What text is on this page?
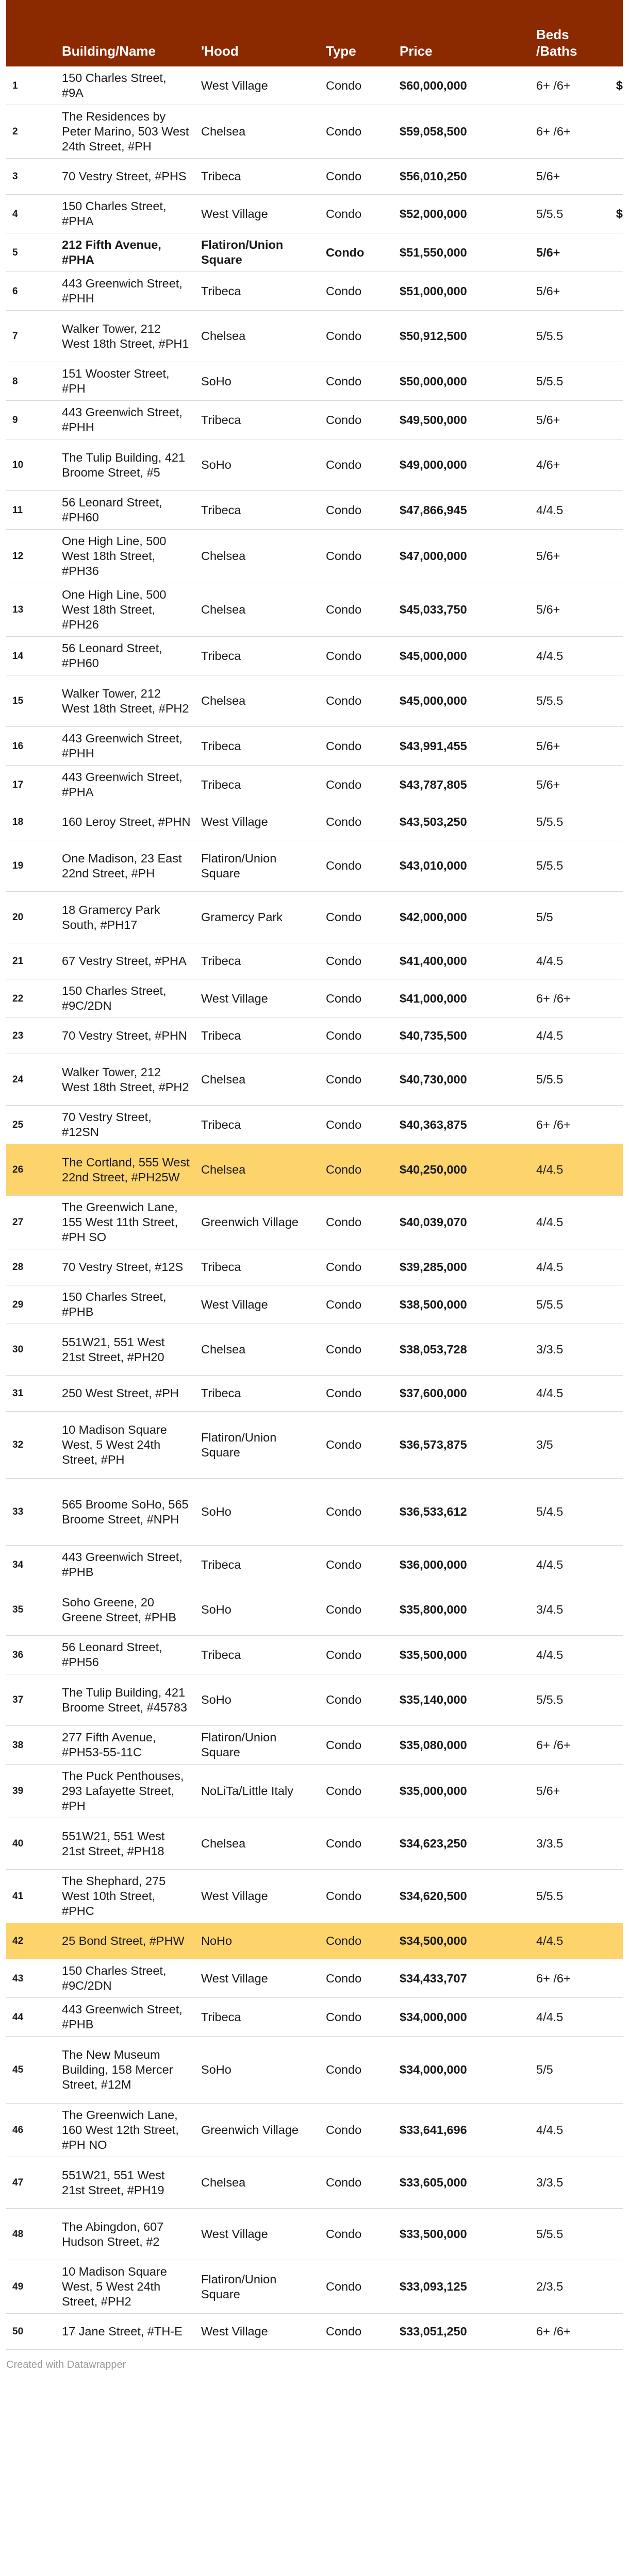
	Building/Name	'Hood	Type	Price	Beds /Baths	
1	150 Charles Street, #9A	West Village	Condo	$60,000,000	6+ /6+	$
2	The Residences by Peter Marino, 503 West 24th Street, #PH	Chelsea	Condo	$59,058,500	6+ /6+	
3	70 Vestry Street, #PHS	Tribeca	Condo	$56,010,250	5/6+	
4	150 Charles Street, #PHA	West Village	Condo	$52,000,000	5/5.5	$
5	212 Fifth Avenue, #PHA	Flatiron/Union Square	Condo	$51,550,000	5/6+	
6	443 Greenwich Street, #PHH	Tribeca	Condo	$51,000,000	5/6+	
7	Walker Tower, 212 West 18th Street, #PH1	Chelsea	Condo	$50,912,500	5/5.5	
8	151 Wooster Street, #PH	SoHo	Condo	$50,000,000	5/5.5	
9	443 Greenwich Street, #PHH	Tribeca	Condo	$49,500,000	5/6+	
10	The Tulip Building, 421 Broome Street, #5	SoHo	Condo	$49,000,000	4/6+	
11	56 Leonard Street, #PH60	Tribeca	Condo	$47,866,945	4/4.5	
12	One High Line, 500 West 18th Street, #PH36	Chelsea	Condo	$47,000,000	5/6+	
13	One High Line, 500 West 18th Street, #PH26	Chelsea	Condo	$45,033,750	5/6+	
14	56 Leonard Street, #PH60	Tribeca	Condo	$45,000,000	4/4.5	
15	Walker Tower, 212 West 18th Street, #PH2	Chelsea	Condo	$45,000,000	5/5.5	
16	443 Greenwich Street, #PHH	Tribeca	Condo	$43,991,455	5/6+	
17	443 Greenwich Street, #PHA	Tribeca	Condo	$43,787,805	5/6+	
18	160 Leroy Street, #PHN	West Village	Condo	$43,503,250	5/5.5	
19	One Madison, 23 East 22nd Street, #PH	Flatiron/Union Square	Condo	$43,010,000	5/5.5	
20	18 Gramercy Park South, #PH17	Gramercy Park	Condo	$42,000,000	5/5	
21	67 Vestry Street, #PHA	Tribeca	Condo	$41,400,000	4/4.5	
22	150 Charles Street, #9C/2DN	West Village	Condo	$41,000,000	6+ /6+	
23	70 Vestry Street, #PHN	Tribeca	Condo	$40,735,500	4/4.5	
24	Walker Tower, 212 West 18th Street, #PH2	Chelsea	Condo	$40,730,000	5/5.5	
25	70 Vestry Street, #12SN	Tribeca	Condo	$40,363,875	6+ /6+	
26	The Cortland, 555 West 22nd Street, #PH25W	Chelsea	Condo	$40,250,000	4/4.5	
27	The Greenwich Lane, 155 West 11th Street, #PH SO	Greenwich Village	Condo	$40,039,070	4/4.5	
28	70 Vestry Street, #12S	Tribeca	Condo	$39,285,000	4/4.5	
29	150 Charles Street, #PHB	West Village	Condo	$38,500,000	5/5.5	
30	551W21, 551 West 21st Street, #PH20	Chelsea	Condo	$38,053,728	3/3.5	
31	250 West Street, #PH	Tribeca	Condo	$37,600,000	4/4.5	
32	10 Madison Square West, 5 West 24th Street, #PH	Flatiron/Union Square	Condo	$36,573,875	3/5	
33	565 Broome SoHo, 565 Broome Street, #NPH	SoHo	Condo	$36,533,612	5/4.5	
34	443 Greenwich Street, #PHB	Tribeca	Condo	$36,000,000	4/4.5	
35	Soho Greene, 20 Greene Street, #PHB	SoHo	Condo	$35,800,000	3/4.5	
36	56 Leonard Street, #PH56	Tribeca	Condo	$35,500,000	4/4.5	
37	The Tulip Building, 421 Broome Street, #45783	SoHo	Condo	$35,140,000	5/5.5	
38	277 Fifth Avenue, #PH53-55-11C	Flatiron/Union Square	Condo	$35,080,000	6+ /6+	
39	The Puck Penthouses, 293 Lafayette Street, #PH	NoLiTa/Little Italy	Condo	$35,000,000	5/6+	
40	551W21, 551 West 21st Street, #PH18	Chelsea	Condo	$34,623,250	3/3.5	
41	The Shephard, 275 West 10th Street, #PHC	West Village	Condo	$34,620,500	5/5.5	
42	25 Bond Street, #PHW	NoHo	Condo	$34,500,000	4/4.5	
43	150 Charles Street, #9C/2DN	West Village	Condo	$34,433,707	6+ /6+	
44	443 Greenwich Street, #PHB	Tribeca	Condo	$34,000,000	4/4.5	
45	The New Museum Building, 158 Mercer Street, #12M	SoHo	Condo	$34,000,000	5/5	
46	The Greenwich Lane, 160 West 12th Street, #PH NO	Greenwich Village	Condo	$33,641,696	4/4.5	
47	551W21, 551 West 21st Street, #PH19	Chelsea	Condo	$33,605,000	3/3.5	
48	The Abingdon, 607 Hudson Street, #2	West Village	Condo	$33,500,000	5/5.5	
49	10 Madison Square West, 5 West 24th Street, #PH2	Flatiron/Union Square	Condo	$33,093,125	2/3.5	
50	17 Jane Street, #TH-E	West Village	Condo	$33,051,250	6+ /6+	
Created with Datawrapper
